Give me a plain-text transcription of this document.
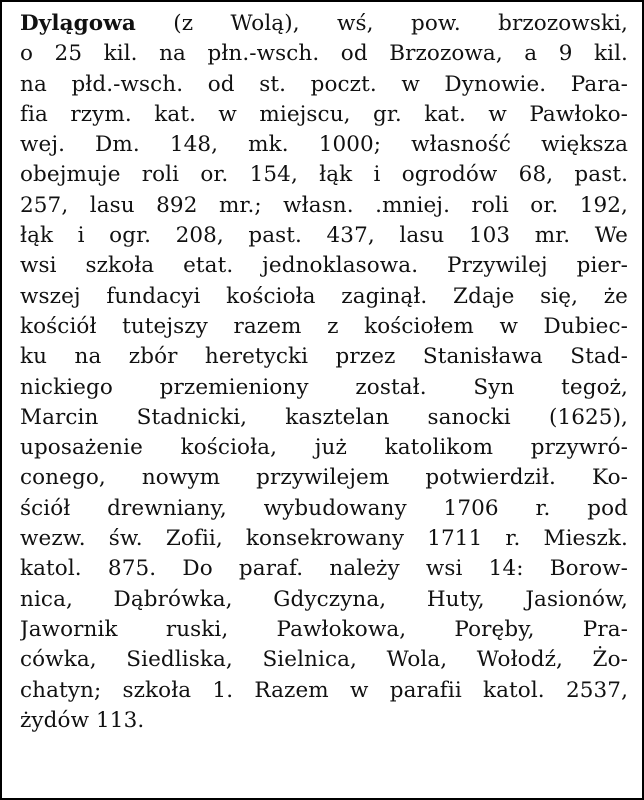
Dylągowa (z Wolą), wś, pow. brzozowski,
o 25 kil. na płn.-wsch. od Brzozowa, a 9 kil.
na płd.-wsch. od st. poczt. w Dynowie. Para-
fia rzym. kat. w miejscu, gr. kat. w Pawłoko-
wej. Dm. 148, mk. 1000; własność większa
obejmuje roli or. 154, łąk i ogrodów 68, past.
257, lasu 892 mr.; własn. .mniej. roli or. 192,
łąk i ogr. 208, past. 437, lasu 103 mr. We
wsi szkoła etat. jednoklasowa. Przywilej pier-
wszej fundacyi kościoła zaginął. Zdaje się, że
kościół tutejszy razem z kościołem w Dubiec-
ku na zbór heretycki przez Stanisława Stad-
nickiego przemieniony został. Syn tegoż,
Marcin Stadnicki, kasztelan sanocki (1625),
uposażenie kościoła, już katolikom przywró-
conego, nowym przywilejem potwierdził. Ko-
ściół drewniany, wybudowany 1706 r. pod
wezw. św. Zofii, konsekrowany 1711 r. Mieszk.
katol. 875. Do paraf. należy wsi 14: Borow-
nica, Dąbrówka, Gdyczyna, Huty, Jasionów,
Jawornik ruski, Pawłokowa, Poręby, Pra-
cówka, Siedliska, Sielnica, Wola, Wołodź, Żo-
chatyn; szkoła 1. Razem w parafii katol. 2537,
żydów 113.
